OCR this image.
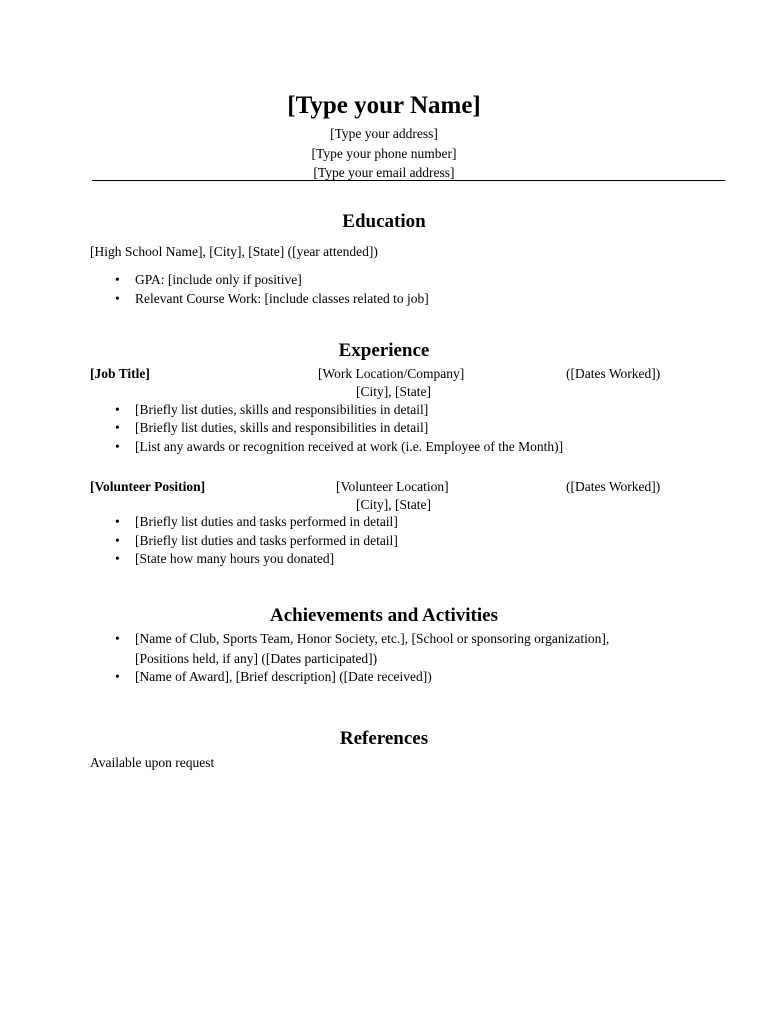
[Type your Name]
[Type your address]
[Type your phone number]
[Type your email address]
Education
[High School Name], [City], [State] ([year attended])
• GPA: [include only if positive]
• Relevant Course Work: [include classes related to job]
Experience
[Job Title]	[Work Location/Company]	([Dates Worked])
[City], [State]
• [Briefly list duties, skills and responsibilities in detail]
• [Briefly list duties, skills and responsibilities in detail]
• [List any awards or recognition received at work (i.e. Employee of the Month)]
[Volunteer Position]	[Volunteer Location]	([Dates Worked])
[City], [State]
• [Briefly list duties and tasks performed in detail]
• [Briefly list duties and tasks performed in detail]
• [State how many hours you donated]
Achievements and Activities
• [Name of Club, Sports Team, Honor Society, etc.], [School or sponsoring organization],
[Positions held, if any] ([Dates participated])
• [Name of Award], [Brief description] ([Date received])
References
Available upon request
